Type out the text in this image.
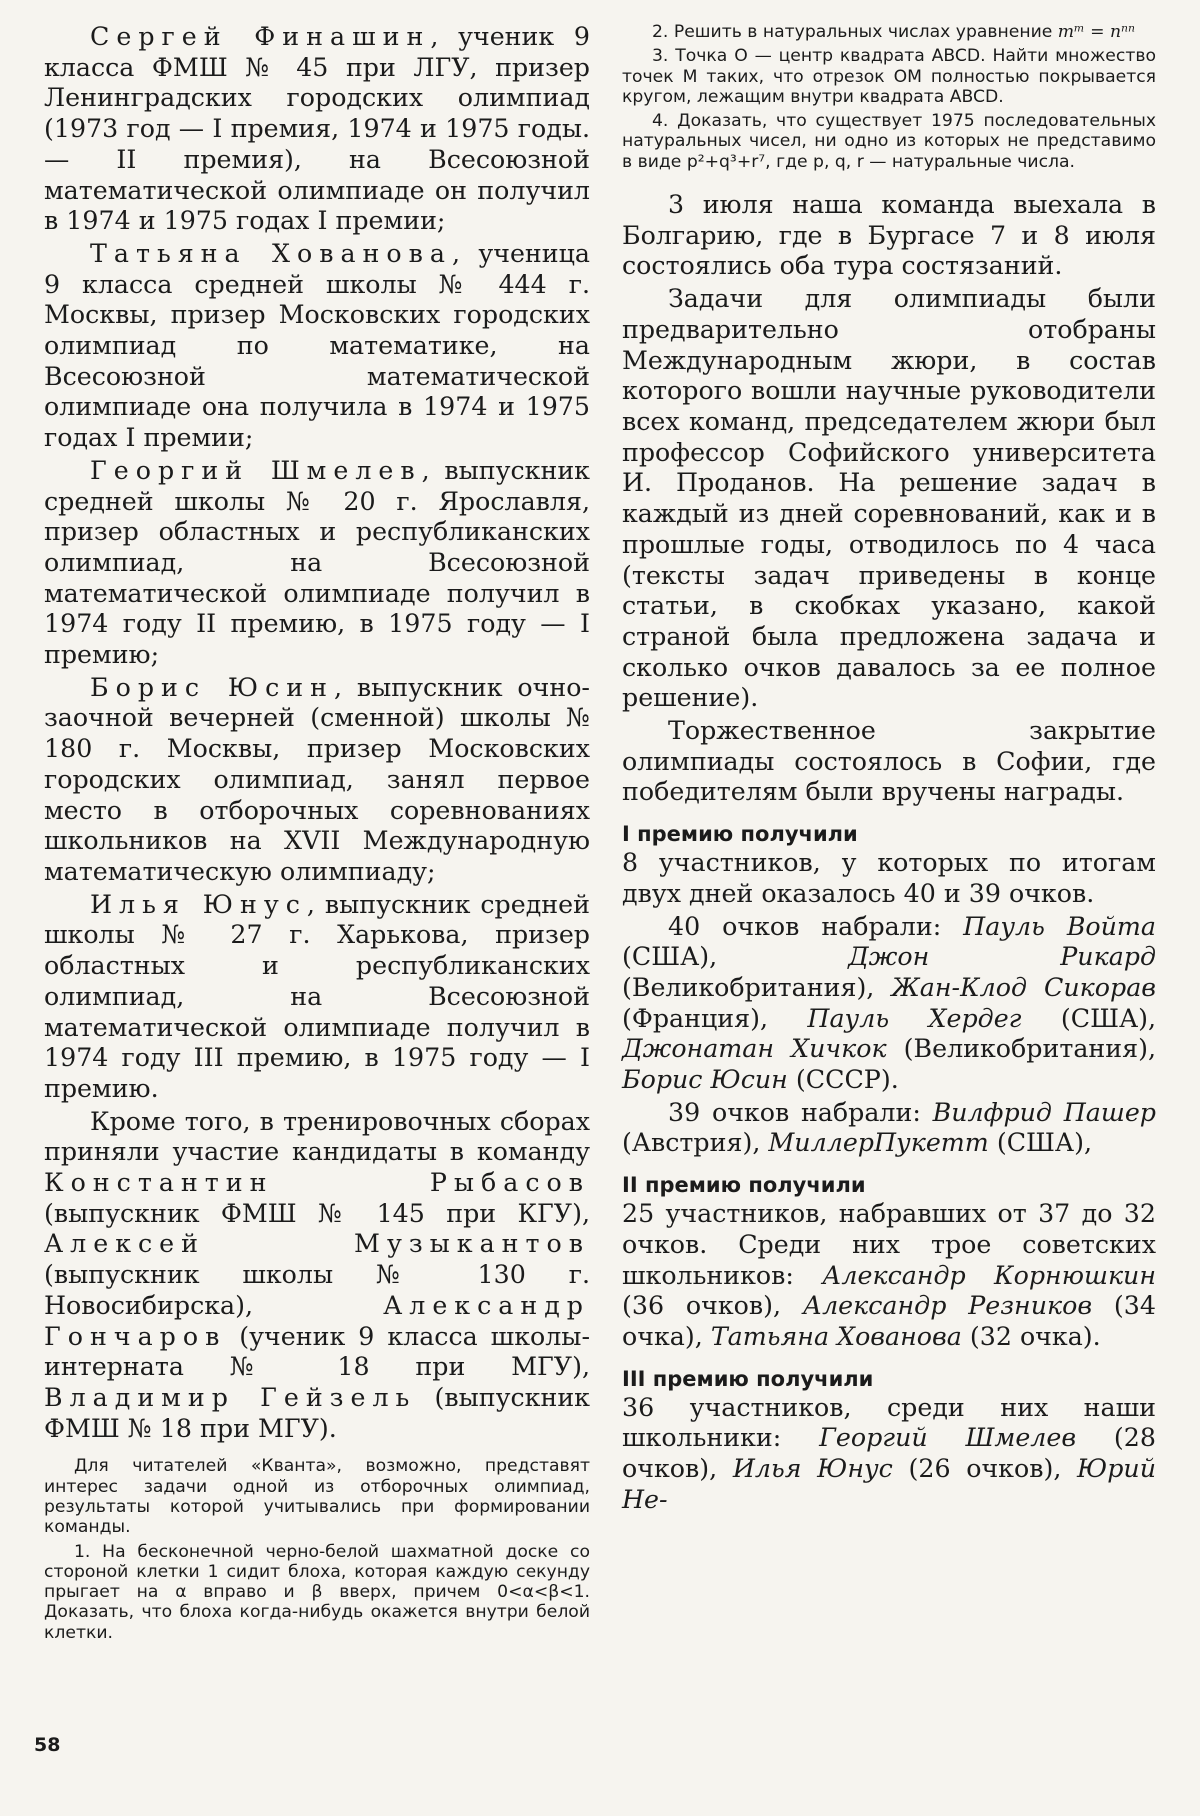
Сергей Финашин, ученик 9 класса ФМШ № 45 при ЛГУ, призер Ленинградских городских олимпиад (1973 год — I премия, 1974 и 1975 годы. — II премия), на Всесоюзной математической олимпиаде он получил в 1974 и 1975 годах I премии;

Татьяна Хованова, ученица 9 класса средней школы № 444 г. Москвы, призер Московских городских олимпиад по математике, на Всесоюзной математической олимпиаде она получила в 1974 и 1975 годах I премии;

Георгий Шмелев, выпускник средней школы № 20 г. Ярославля, призер областных и республиканских олимпиад, на Всесоюзной математической олимпиаде получил в 1974 году II премию, в 1975 году — I премию;

Борис Юсин, выпускник очно-заочной вечерней (сменной) школы № 180 г. Москвы, призер Московских городских олимпиад, занял первое место в отборочных соревнованиях школьников на XVII Международную математическую олимпиаду;

Илья Юнус, выпускник средней школы № 27 г. Харькова, призер областных и республиканских олимпиад, на Всесоюзной математической олимпиаде получил в 1974 году III премию, в 1975 году — I премию.

Кроме того, в тренировочных сборах приняли участие кандидаты в команду Константин Рыбасов (выпускник ФМШ № 145 при КГУ), Алексей Музыкантов (выпускник школы № 130 г. Новосибирска), Александр Гончаров (ученик 9 класса школы-интерната № 18 при МГУ), Владимир Гейзель (выпускник ФМШ № 18 при МГУ).

Для читателей «Кванта», возможно, представят интерес задачи одной из отборочных олимпиад, результаты которой учитывались при формировании команды.

1. На бесконечной черно-белой шахматной доске со стороной клетки 1 сидит блоха, которая каждую секунду прыгает на α вправо и β вверх, причем 0<α<β<1. Доказать, что блоха когда-нибудь окажется внутри белой клетки.

2. Решить в натуральных числах уравнение mᵐ = nⁿⁿ

3. Точка O — центр квадрата ABCD. Найти множество точек M таких, что отрезок OM полностью покрывается кругом, лежащим внутри квадрата ABCD.

4. Доказать, что существует 1975 последовательных натуральных чисел, ни одно из которых не представимо в виде p²+q³+r⁷, где p, q, r — натуральные числа.

3 июля наша команда выехала в Болгарию, где в Бургасе 7 и 8 июля состоялись оба тура состязаний.

Задачи для олимпиады были предварительно отобраны Международным жюри, в состав которого вошли научные руководители всех команд, председателем жюри был профессор Софийского университета И. Проданов. На решение задач в каждый из дней соревнований, как и в прошлые годы, отводилось по 4 часа (тексты задач приведены в конце статьи, в скобках указано, какой страной была предложена задача и сколько очков давалось за ее полное решение).

Торжественное закрытие олимпиады состоялось в Софии, где победителям были вручены награды.

I премию получили

8 участников, у которых по итогам двух дней оказалось 40 и 39 очков.

40 очков набрали: Пауль Войта (США), Джон Рикард (Великобритания), Жан-Клод Сикорав (Франция), Пауль Хердег (США), Джонатан Хичкок (Великобритания), Борис Юсин (СССР).

39 очков набрали: Вилфрид Пашер (Австрия), МиллерПукетт (США),

II премию получили

25 участников, набравших от 37 до 32 очков. Среди них трое советских школьников: Александр Корнюшкин (36 очков), Александр Резников (34 очка), Татьяна Хованова (32 очка).

III премию получили

36 участников, среди них наши школьники: Георгий Шмелев (28 очков), Илья Юнус (26 очков), Юрий Не-

58
